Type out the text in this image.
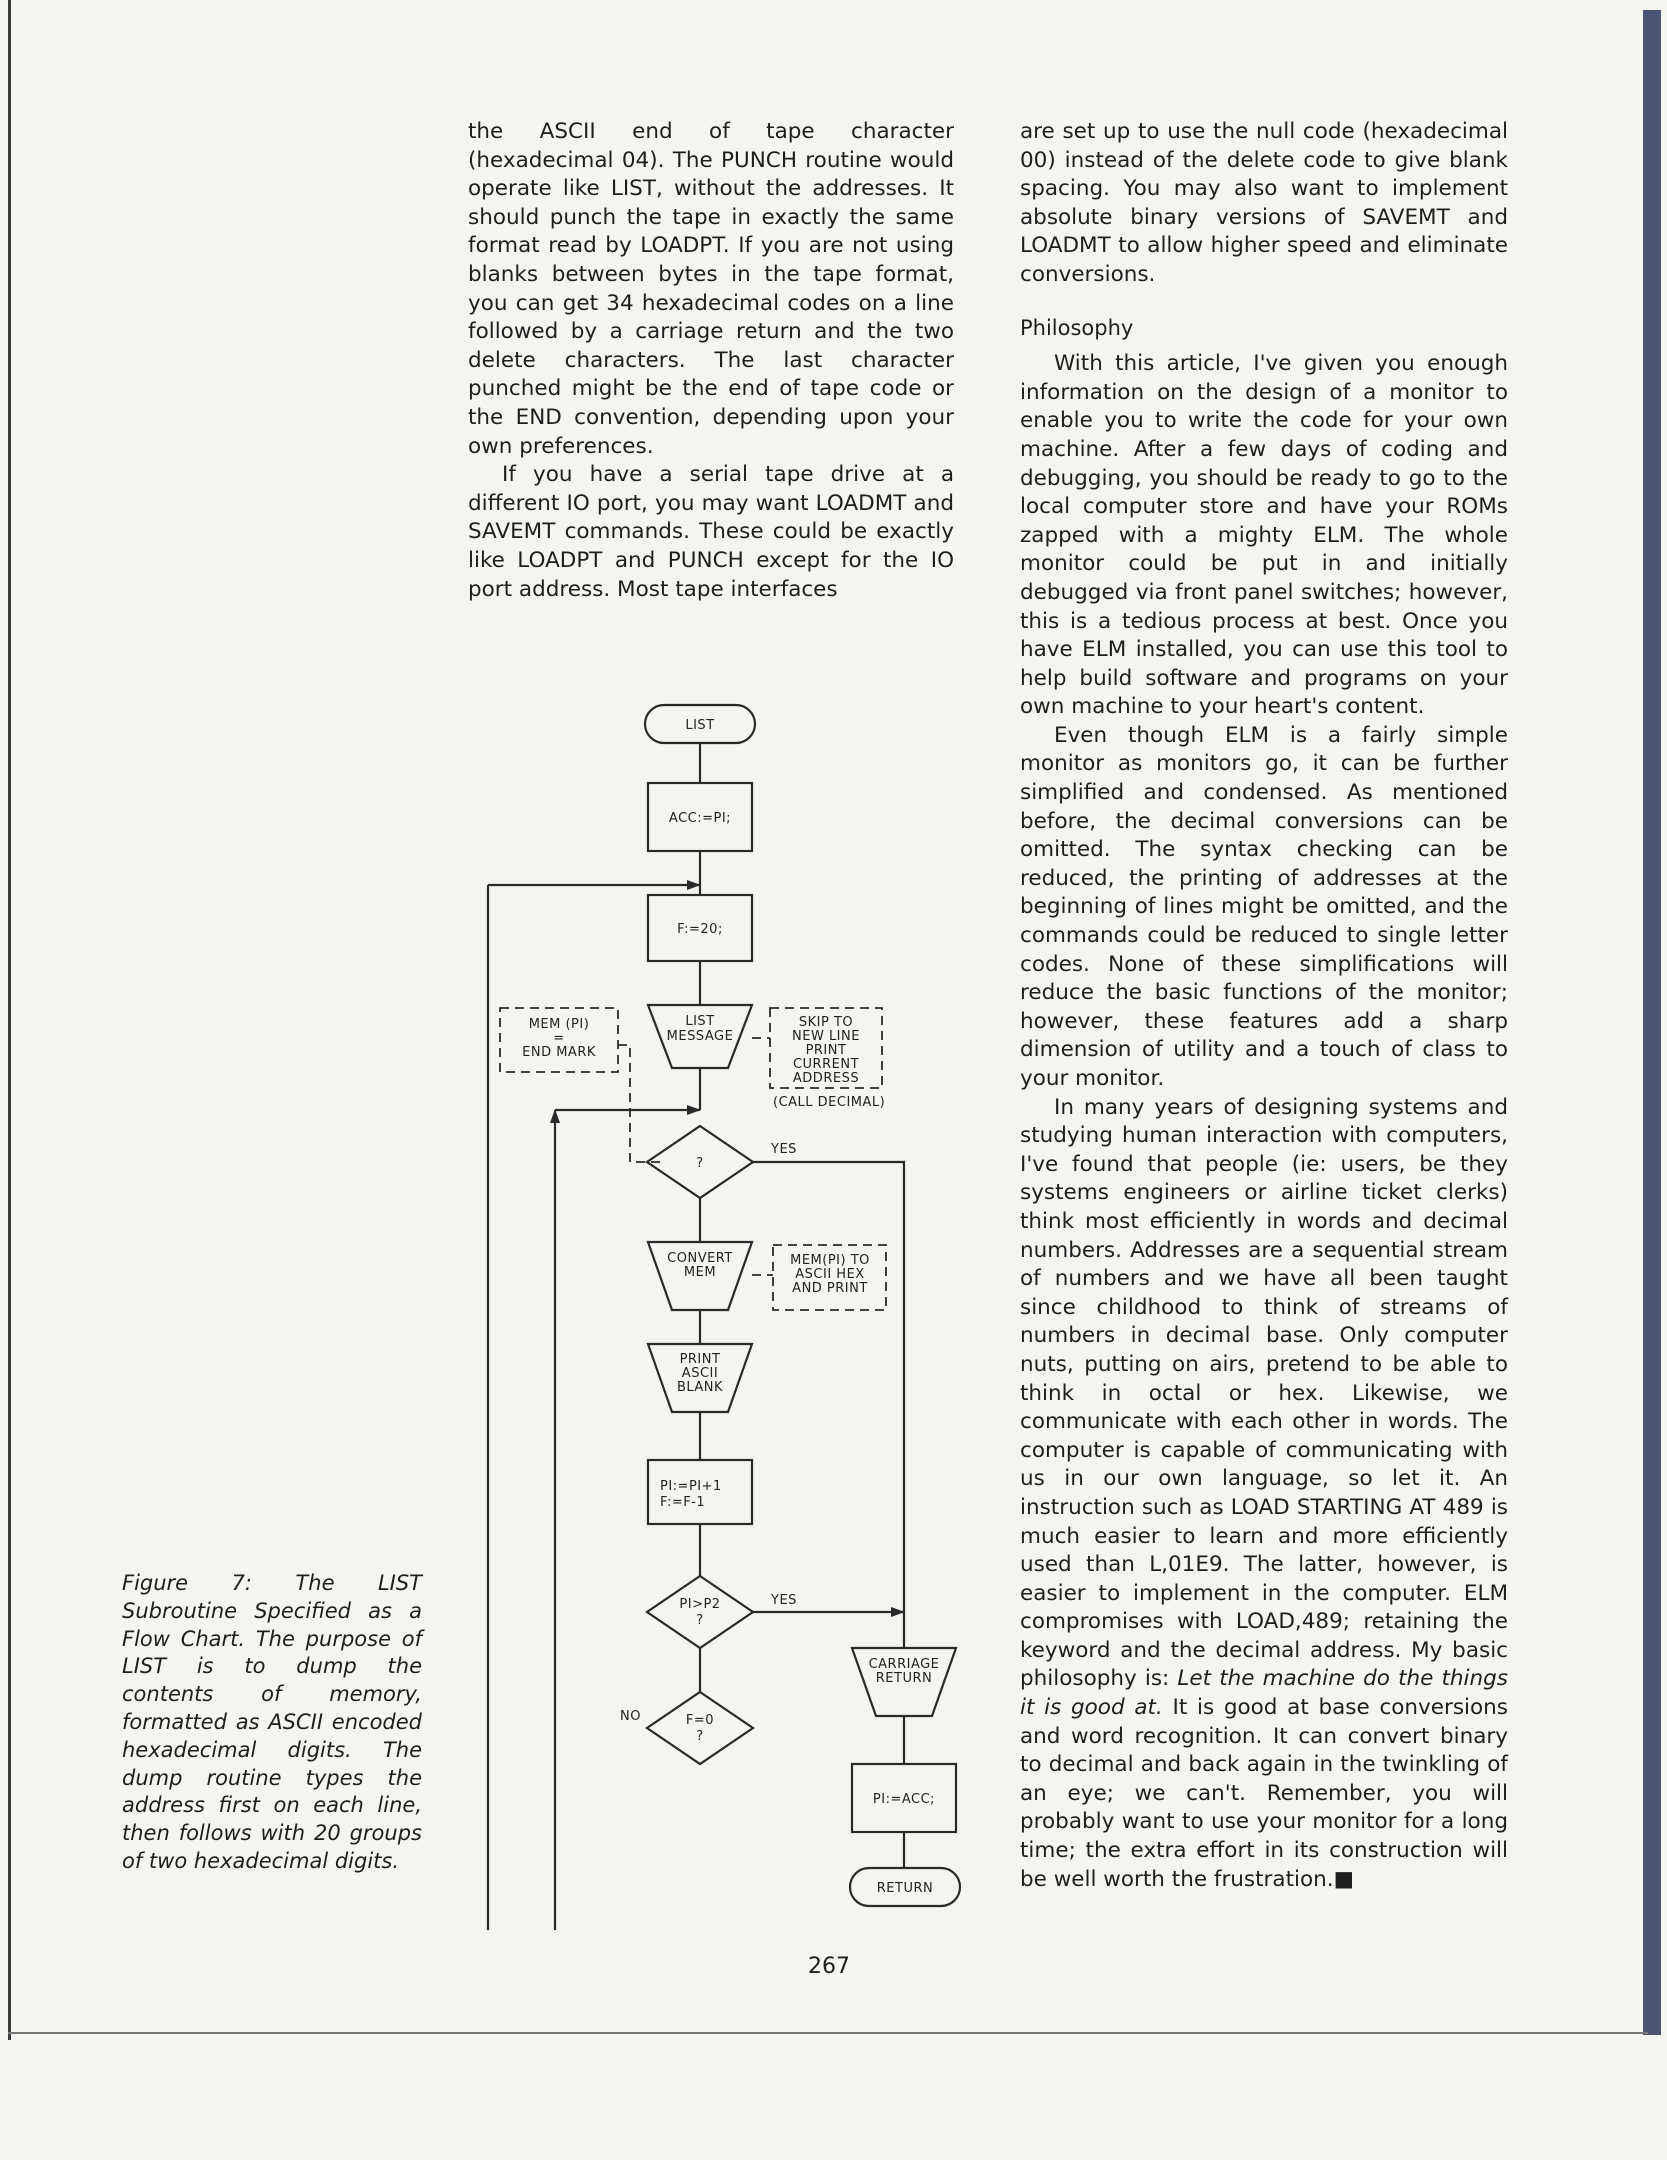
the ASCII end of tape character (hexadecimal 04). The PUNCH routine would operate like LIST, without the addresses. It should punch the tape in exactly the same format read by LOADPT. If you are not using blanks between bytes in the tape format, you can get 34 hexadecimal codes on a line followed by a carriage return and the two delete characters. The last character punched might be the end of tape code or the END convention, depending upon your own preferences.

If you have a serial tape drive at a different IO port, you may want LOADMT and SAVEMT commands. These could be exactly like LOADPT and PUNCH except for the IO port address. Most tape interfaces

are set up to use the null code (hexadecimal 00) instead of the delete code to give blank spacing. You may also want to implement absolute binary versions of SAVEMT and LOADMT to allow higher speed and eliminate conversions.

Philosophy

With this article, I've given you enough information on the design of a monitor to enable you to write the code for your own machine. After a few days of coding and debugging, you should be ready to go to the local computer store and have your ROMs zapped with a mighty ELM. The whole monitor could be put in and initially debugged via front panel switches; however, this is a tedious process at best. Once you have ELM installed, you can use this tool to help build software and programs on your own machine to your heart's content.

Even though ELM is a fairly simple monitor as monitors go, it can be further simplified and condensed. As mentioned before, the decimal conversions can be omitted. The syntax checking can be reduced, the printing of addresses at the beginning of lines might be omitted, and the commands could be reduced to single letter codes. None of these simplifications will reduce the basic functions of the monitor; however, these features add a sharp dimension of utility and a touch of class to your monitor.

In many years of designing systems and studying human interaction with computers, I've found that people (ie: users, be they systems engineers or airline ticket clerks) think most efficiently in words and decimal numbers. Addresses are a sequential stream of numbers and we have all been taught since childhood to think of streams of numbers in decimal base. Only computer nuts, putting on airs, pretend to be able to think in octal or hex. Likewise, we communicate with each other in words. The computer is capable of communicating with us in our own language, so let it. An instruction such as LOAD STARTING AT 489 is much easier to learn and more efficiently used than L,01E9. The latter, however, is easier to implement in the computer. ELM compromises with LOAD,489; retaining the keyword and the decimal address. My basic philosophy is: Let the machine do the things it is good at. It is good at base conversions and word recognition. It can convert binary to decimal and back again in the twinkling of an eye; we can't. Remember, you will probably want to use your monitor for a long time; the extra effort in its construction will be well worth the frustration.■

Figure 7: The LIST Subroutine Specified as a Flow Chart. The purpose of LIST is to dump the contents of memory, formatted as ASCII encoded hexadecimal digits. The dump routine types the address first on each line, then follows with 20 groups of two hexadecimal digits.
267
LIST
ACC:=PI;
F:=20;
LIST
MESSAGE
MEM (PI)
=
END MARK
SKIP TO
NEW LINE
PRINT
CURRENT
ADDRESS
(CALL DECIMAL)
?
YES
CONVERT
MEM
MEM(PI) TO
ASCII HEX
AND PRINT
PRINT
ASCII
BLANK
PI:=PI+1
F:=F-1
PI>P2
?
YES
F=0
?
NO
CARRIAGE
RETURN
PI:=ACC;
RETURN
